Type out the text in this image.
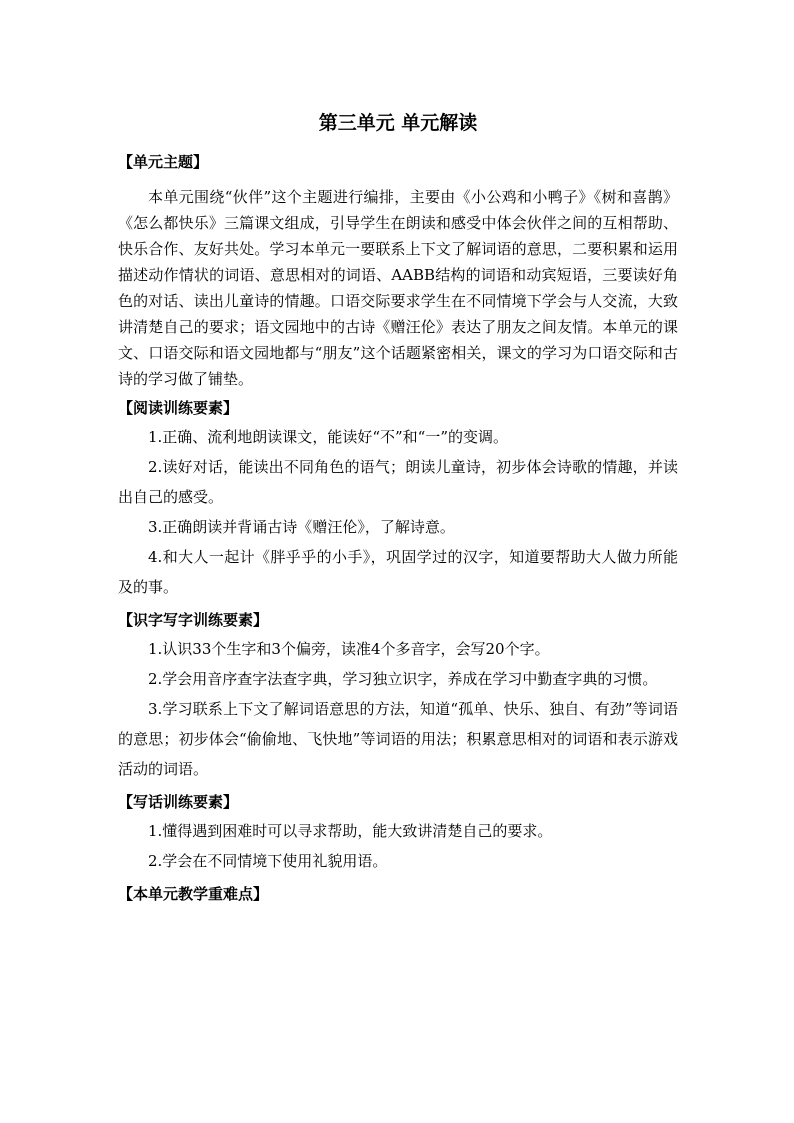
第三单元 单元解读
【单元主题】

本单元围绕“伙伴”这个主题进行编排，主要由《小公鸡和小鸭子》《树和喜鹊》《怎么都快乐》三篇课文组成，引导学生在朗读和感受中体会伙伴之间的互相帮助、快乐合作、友好共处。学习本单元一要联系上下文了解词语的意思，二要积累和运用描述动作情状的词语、意思相对的词语、AABB结构的词语和动宾短语，三要读好角色的对话、读出儿童诗的情趣。口语交际要求学生在不同情境下学会与人交流，大致讲清楚自己的要求；语文园地中的古诗《赠汪伦》表达了朋友之间友情。本单元的课文、口语交际和语文园地都与“朋友”这个话题紧密相关，课文的学习为口语交际和古诗的学习做了铺垫。

【阅读训练要素】

1.正确、流利地朗读课文，能读好“不”和“一”的变调。

2.读好对话，能读出不同角色的语气；朗读儿童诗，初步体会诗歌的情趣，并读出自己的感受。

3.正确朗读并背诵古诗《赠汪伦》，了解诗意。

4.和大人一起计《胖乎乎的小手》，巩固学过的汉字，知道要帮助大人做力所能及的事。

【识字写字训练要素】

1.认识33个生字和3个偏旁，读准4个多音字，会写20个字。

2.学会用音序查字法查字典，学习独立识字，养成在学习中勤查字典的习惯。

3.学习联系上下文了解词语意思的方法，知道“孤单、快乐、独自、有劲”等词语的意思；初步体会“偷偷地、飞快地”等词语的用法；积累意思相对的词语和表示游戏活动的词语。

【写话训练要素】

1.懂得遇到困难时可以寻求帮助，能大致讲清楚自己的要求。

2.学会在不同情境下使用礼貌用语。

【本单元教学重难点】
